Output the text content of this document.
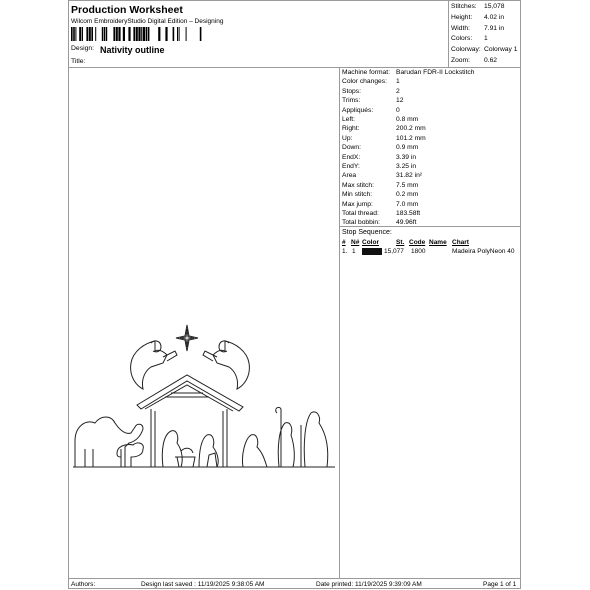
Production Worksheet
Wilcom EmbroideryStudio Digital Edition – Designing
Design: Nativity outline
Title:
Stitches: 15,078
Height: 4.02 in
Width: 7.91 in
Colors: 1
Colorway: Colorway 1
Zoom: 0.62
Machine format: Barudan FDR-II Lockstitch
Color changes: 1
Stops:	2
Trims:	12
Appliqués:	0
Left:	0.8 mm
Right:	200.2 mm
Up:	101.2 mm
Down:	0.9 mm
EndX:	3.39 in
EndY:	3.25 in
Area	31.82 in²
Max stitch:	7.5 mm
Min stitch:	0.2 mm
Max jump:	7.0 mm
Total thread:	183.58ft
Total bobbin: 49.96ft
Stop Sequence:
# N# Color	St. Code Name Chart
1. 1	15,077 1800	Madeira PolyNeon 40
Authors:	Design last saved : 11/19/2025 9:38:05 AM	Date printed: 11/19/2025 9:39:09 AM	Page 1 of 1
